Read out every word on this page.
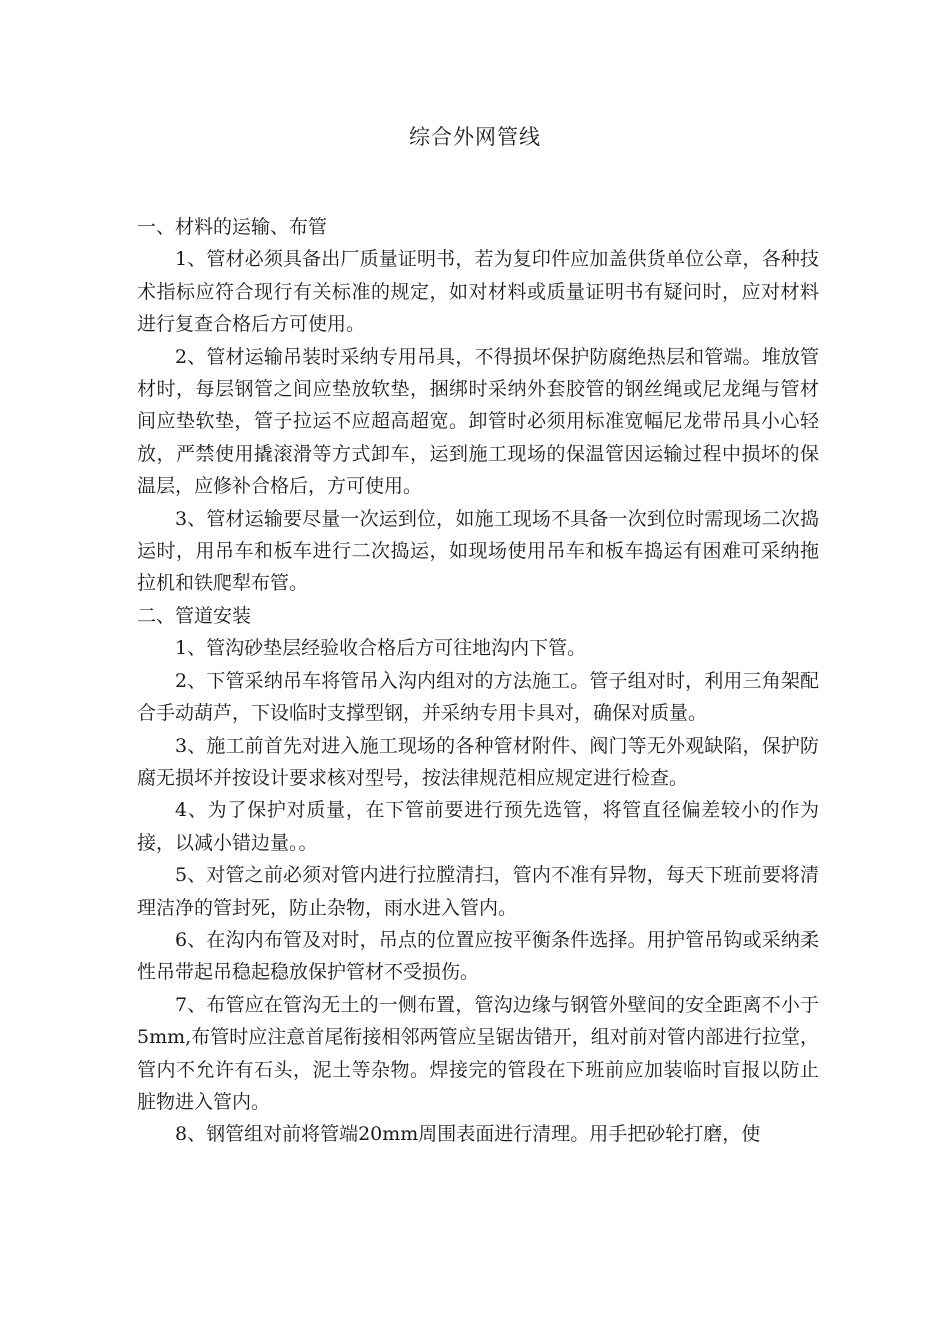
综合外网管线

一、材料的运输、布管

1、管材必须具备出厂质量证明书，若为复印件应加盖供货单位公章，各种技术指标应符合现行有关标准的规定，如对材料或质量证明书有疑问时，应对材料进行复查合格后方可使用。

2、管材运输吊装时采纳专用吊具，不得损坏保护防腐绝热层和管端。堆放管材时，每层钢管之间应垫放软垫，捆绑时采纳外套胶管的钢丝绳或尼龙绳与管材间应垫软垫，管子拉运不应超高超宽。卸管时必须用标准宽幅尼龙带吊具小心轻放，严禁使用撬滚滑等方式卸车，运到施工现场的保温管因运输过程中损坏的保温层，应修补合格后，方可使用。

3、管材运输要尽量一次运到位，如施工现场不具备一次到位时需现场二次捣运时，用吊车和板车进行二次捣运，如现场使用吊车和板车捣运有困难可采纳拖拉机和铁爬犁布管。

二、管道安装

1、管沟砂垫层经验收合格后方可往地沟内下管。

2、下管采纳吊车将管吊入沟内组对的方法施工。管子组对时，利用三角架配合手动葫芦，下设临时支撑型钢，并采纳专用卡具对，确保对质量。

3、施工前首先对进入施工现场的各种管材附件、阀门等无外观缺陷，保护防腐无损坏并按设计要求核对型号，按法律规范相应规定进行检查。

4、为了保护对质量，在下管前要进行预先选管，将管直径偏差较小的作为接，以减小错边量。。

5、对管之前必须对管内进行拉膛清扫，管内不准有异物，每天下班前要将清理洁净的管封死，防止杂物，雨水进入管内。

6、在沟内布管及对时，吊点的位置应按平衡条件选择。用护管吊钩或采纳柔性吊带起吊稳起稳放保护管材不受损伤。

7、布管应在管沟无土的一侧布置，管沟边缘与钢管外壁间的安全距离不小于5mm,布管时应注意首尾衔接相邻两管应呈锯齿错开，组对前对管内部进行拉堂，管内不允许有石头，泥土等杂物。焊接完的管段在下班前应加装临时盲报以防止脏物进入管内。

8、钢管组对前将管端20mm周围表面进行清理。用手把砂轮打磨，使
